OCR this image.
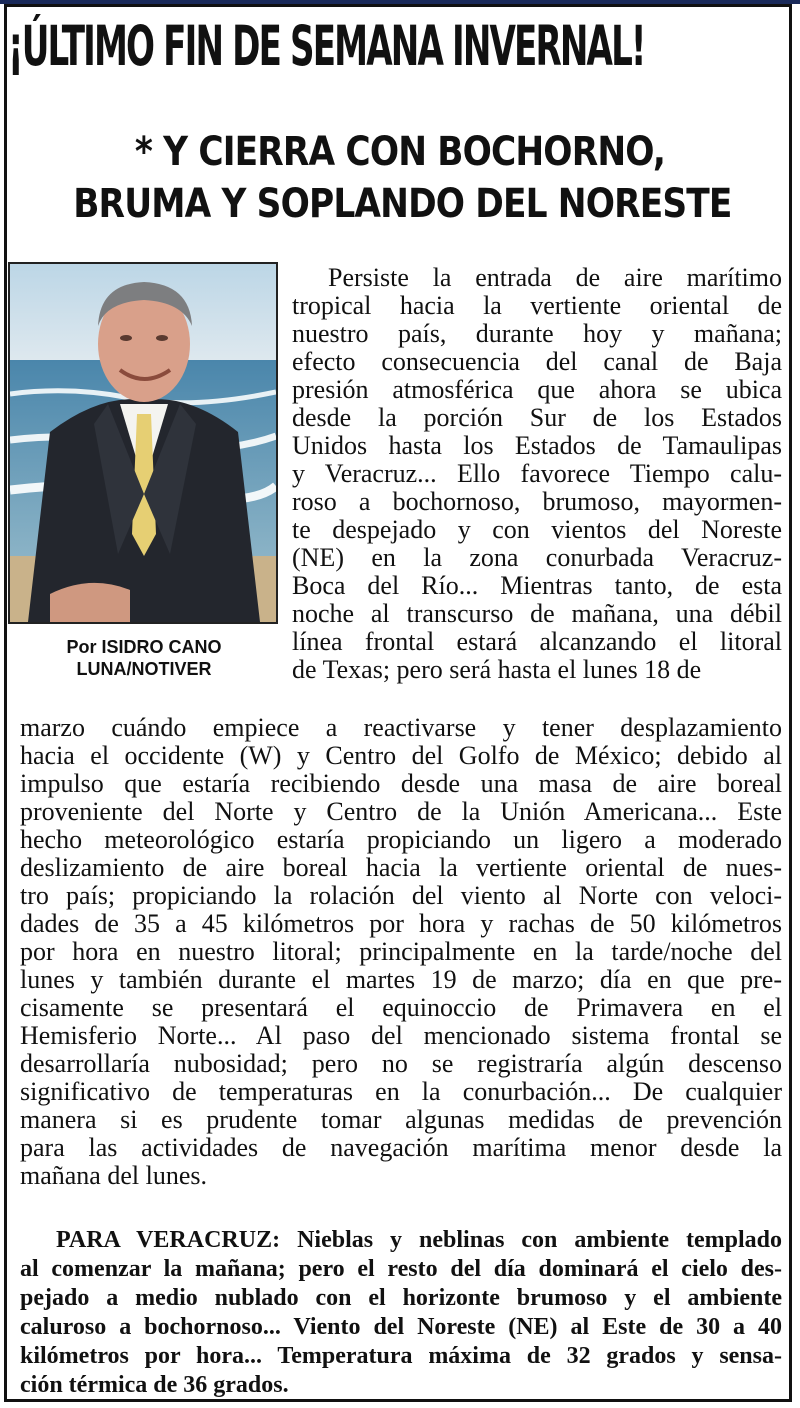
¡ÚLTIMO FIN DE SEMANA INVERNAL!
* Y CIERRA CON BOCHORNO,
BRUMA Y SOPLANDO DEL NORESTE
Por ISIDRO CANO
LUNA/NOTIVER
Persiste la entrada de aire marítimo
tropical hacia la vertiente oriental de
nuestro país, durante hoy y mañana;
efecto consecuencia del canal de Baja
presión atmosférica que ahora se ubica
desde la porción Sur de los Estados
Unidos hasta los Estados de Tamaulipas
y Veracruz... Ello favorece Tiempo calu-
roso a bochornoso, brumoso, mayormen-
te despejado y con vientos del Noreste
(NE) en la zona conurbada Veracruz-
Boca del Río... Mientras tanto, de esta
noche al transcurso de mañana, una débil
línea frontal estará alcanzando el litoral
de Texas; pero será hasta el lunes 18 de
marzo cuándo empiece a reactivarse y tener desplazamiento
hacia el occidente (W) y Centro del Golfo de México; debido al
impulso que estaría recibiendo desde una masa de aire boreal
proveniente del Norte y Centro de la Unión Americana... Este
hecho meteorológico estaría propiciando un ligero a moderado
deslizamiento de aire boreal hacia la vertiente oriental de nues-
tro país; propiciando la rolación del viento al Norte con veloci-
dades de 35 a 45 kilómetros por hora y rachas de 50 kilómetros
por hora en nuestro litoral; principalmente en la tarde/noche del
lunes y también durante el martes 19 de marzo; día en que pre-
cisamente se presentará el equinoccio de Primavera en el
Hemisferio Norte... Al paso del mencionado sistema frontal se
desarrollaría nubosidad; pero no se registraría algún descenso
significativo de temperaturas en la conurbación... De cualquier
manera si es prudente tomar algunas medidas de prevención
para las actividades de navegación marítima menor desde la
mañana del lunes.
PARA VERACRUZ: Nieblas y neblinas con ambiente templado
al comenzar la mañana; pero el resto del día dominará el cielo des-
pejado a medio nublado con el horizonte brumoso y el ambiente
caluroso a bochornoso... Viento del Noreste (NE) al Este de 30 a 40
kilómetros por hora... Temperatura máxima de 32 grados y sensa-
ción térmica de 36 grados.
